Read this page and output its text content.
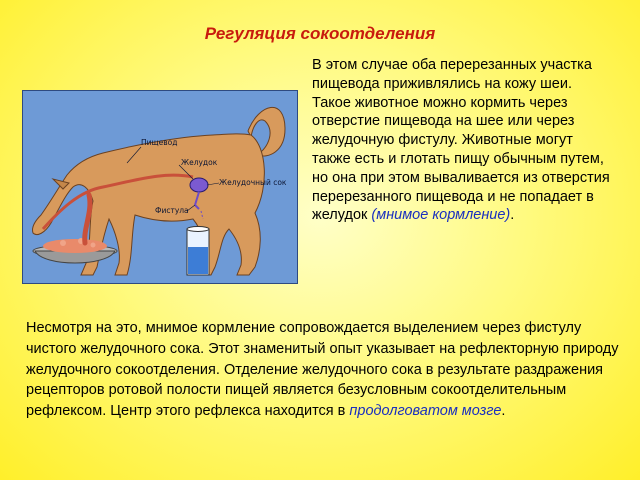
Регуляция сокоотделения
Пищевод
Желудок
Желудочный сок
Фистула
В этом случае оба перерезанных участка пищевода приживлялись на кожу шеи. Такое животное можно кормить через отверстие пищевода на шее или через желудочную фистулу. Животные могут также есть и глотать пищу обычным путем, но она при этом вываливается из отверстия перерезанного пищевода и не попадает в желудок (мнимое кормление).
Несмотря на это, мнимое кормление сопровождается выделением через фистулу чистого желудочного сока. Этот знаменитый опыт указывает на рефлекторную природу желудочного сокоотделения. Отделение желудочного сока в результате раздражения рецепторов ротовой полости пищей является безусловным сокоотделительным рефлексом. Центр этого рефлекса находится в продолговатом мозге.
